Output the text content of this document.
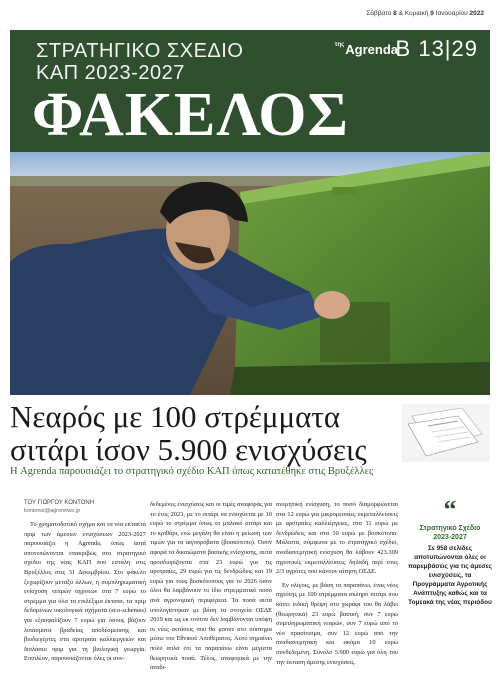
Σάββατο 8 & Κυριακή 9 Ιανουαρίου 2022
ΣΤΡΑΤΗΓΙΚΟ ΣΧΕΔΙΟ
ΚΑΠ 2023-2027
ΦΑΚΕΛΟΣ
$^{\tau\eta\varsigma}$Agrenda
B 13|29
Νεαρός με 100 στρέμματα
σιτάρι ίσον 5.900 ενισχύσεις
Η Agrenda παρουσιάζει το στρατηγικό σχέδιο ΚΑΠ όπως κατατέθηκε στις Βρυξέλλες
ΤΟΥ ΓΙΩΡΓΟΥ ΚΟΝΤΟΝΗ
kontonis@agronews.gr

Το χρηματοδοτικό σχήμα και τα νέα εκτακτά πριμ των άμεσων ενισχύσεων 2023-2027 παρουσιάζει η Agrenda, όπως αυτά αποτυπώνονται επακριβώς στο στρατηγικό σχέδιο της νέας ΚΑΠ που εστάλη στις Βρυξέλλες στις 31 Δεκεμβρίου. Στο φάκελο ξεχωρίζουν μεταξύ άλλων, η συμπληρωματική ενίσχυση νεαρών αγροτών στα 7 ευρώ το στρέμμα για όλα τα επιλέξιμα έκτατα, τα πριμ δεδομένων οικολογικά σχήματα (eco-schemes) για εξασφαλίζουν 7 ευρώ για όσους βάζουν λιπάσματα βραδείας αποδέσμευσης και βιοδιεγέρτες στα αροτραία καλλιεργειών και διπλάσιο πριμ για τη βιολογική γεωργία. Επιπλέον, παρουσιάζονται όλες οι συν-

δεδεμένες ενισχύσεις και οι τιμές αναφοράς για το έτος 2023, με το σιτάρι να ενισχύεται με 10 ευρώ το στρέμμα όπως το μαλακό σιτάρι και το κριθάρι, ενώ μεγάλη θα είναι η μείωση των τιμών για τα αιγοπρόβατα (βοσκότοπο). Όσον αφορά τα δικαιώματα βασικής ενίσχυσης, αυτά προσδιορίζονται στα 23 ευρώ για τις αροτραίες, 29 ευρώ για τις δενδρώδεις και 19 ευρώ για τους βοσκότοπους για το 2026 όσον όλοι θα λαμβάνουν το ίδιο στρεμματικό ποσό ανά αγρονομική περιφέρεια. Τα ποσά αυτά υπολογίστηκαν με βάση τα στοιχεία ΟΣΔΕ 2019 και ως εκ τούτου δεν λαμβάνονται υπόψη οι νέες εκτάσεις που θα μπουν στο σύστημα μέσω του Εθνικού Αποθέματος. Αυτό σημαίνει πολύ απλά ότι τα παραπάνω είναι μέγιστα θεωρητικά ποσά. Τέλος, αναφορικά με την αναδι-

ανεμητική ενίσχυση, το ποσό διαμορφώνεται στα 12 ευρώ για μικρομεσαίες εκμεταλλεύσεις με αροτραίες καλλιέργειες, στα 11 ευρώ με δενδρώδεις και στα 10 ευρώ με βοσκότοπα. Μάλιστα, σύμφωνα με το στρατηγικό σχέδιο, αναδιανεμητική ενίσχυση θα λάβουν 423.309 αγροτικές εκμεταλλεύσεις δηλαδή περί τους 2/3 αγρότες που κάνουν αίτηση ΟΣΔΕ.

Εν ολίγοις, με βάση τα παραπάνω, ένας νέος αγρότης με 100 στρέμματα σκληρό σιτάρι που κάνει ειδική θρέψη στο χωράφι του θα λάβει (θεωρητικά) 23 ευρώ βασική, συν 7 ευρώ συμπληρωματική νεαρών, συν 7 ευρώ από το νέο πρασίνισμα, συν 12 ευρώ από την αναδιανεμητική και ακόμα 10 ευρώ συνδεδεμένη. Σύνολο 5.900 ευρώ για όλη του την έκταση άμεσης ενισχύσεις.

“
Στρατηγικό Σχέδιο
2023-2027
Σε 958 σελίδες αποτυπώνονται όλες οι παρεμβάσεις για τις άμεσες ενισχύσεις, τα Προγράμματα Αγροτικής Ανάπτυξης καθώς και τα Τομεακά της νέας περιόδου
